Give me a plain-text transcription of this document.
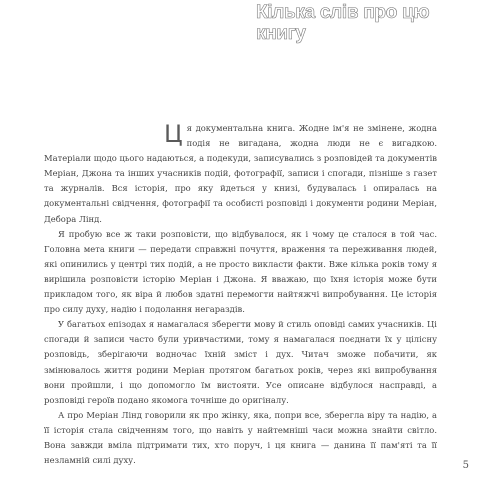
Кілька слів про цю
книгу

Ц я документальна книга. Жодне ім'я не змінене, жодна подія не вигадана, жодна люди не є вигадкою. Матеріали щодо цього надаються, а подекуди, записувались з розповідей та документів Меріан, Джона та інших учасників подій, фотографії, записи і спогади, пізніше з газет та журналів. Вся історія, про яку йдеться у книзі, будувалась і опиралась на документальні свідчення, фотографії та особисті розповіді і документи родини Меріан, Дебора Лінд.

Я пробую все ж таки розповісти, що відбувалося, як і чому це сталося в той час. Головна мета книги — передати справжні почуття, враження та переживання людей, які опинились у центрі тих подій, а не просто викласти факти. Вже кілька років тому я вирішила розповісти історію Меріан і Джона. Я вважаю, що їхня історія може бути прикладом того, як віра й любов здатні перемогти найтяжчі випробування. Це історія про силу духу, надію і подолання негараздів.

У багатьох епізодах я намагалася зберегти мову й стиль оповіді самих учасників. Ці спогади й записи часто були уривчастими, тому я намагалася поєднати їх у цілісну розповідь, зберігаючи водночас їхній зміст і дух. Читач зможе побачити, як змінювалось життя родини Меріан протягом багатьох років, через які випробування вони пройшли, і що допомогло їм вистояти. Усе описане відбулося насправді, а розповіді героїв подано якомога точніше до оригіналу.

А про Меріан Лінд говорили як про жінку, яка, попри все, зберегла віру та надію, а її історія стала свідченням того, що навіть у найтемніші часи можна знайти світло. Вона завжди вміла підтримати тих, хто поруч, і ця книга — данина її пам'яті та її незламній силі духу.	5
